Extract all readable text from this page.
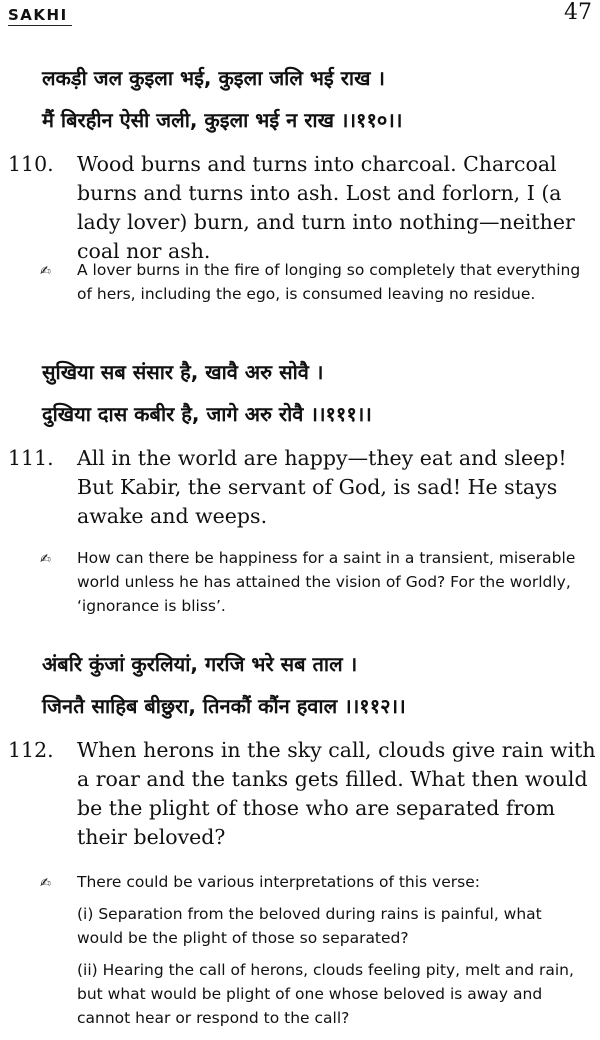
SAKHI	47
लकड़ी जल कुइला भई, कुइला जलि भई राख ।
मैं बिरहीन ऐसी जली, कुइला भई न राख ।।११०।।
110.	Wood burns and turns into charcoal. Charcoal burns and turns into ash. Lost and forlorn, I (a lady lover) burn, and turn into nothing—neither coal nor ash.
✍ A lover burns in the fire of longing so completely that everything of hers, including the ego, is consumed leaving no residue.

सुखिया सब संसार है, खावै अरु सोवै ।
दुखिया दास कबीर है, जागे अरु रोवै ।।१११।।
111.	All in the world are happy—they eat and sleep! But Kabir, the servant of God, is sad! He stays awake and weeps.
✍ How can there be happiness for a saint in a transient, miserable world unless he has attained the vision of God? For the worldly, ‘ignorance is bliss’.

अंबरि कुंजां कुरलियां, गरजि भरे सब ताल ।
जिनतै साहिब बीछुरा, तिनकौं कौंन हवाल ।।११२।।
112.	When herons in the sky call, clouds give rain with a roar and the tanks gets filled. What then would be the plight of those who are separated from their beloved?
✍ There could be various interpretations of this verse:

(i) Separation from the beloved during rains is painful, what would be the plight of those so separated?

(ii) Hearing the call of herons, clouds feeling pity, melt and rain, but what would be plight of one whose beloved is away and cannot hear or respond to the call?
